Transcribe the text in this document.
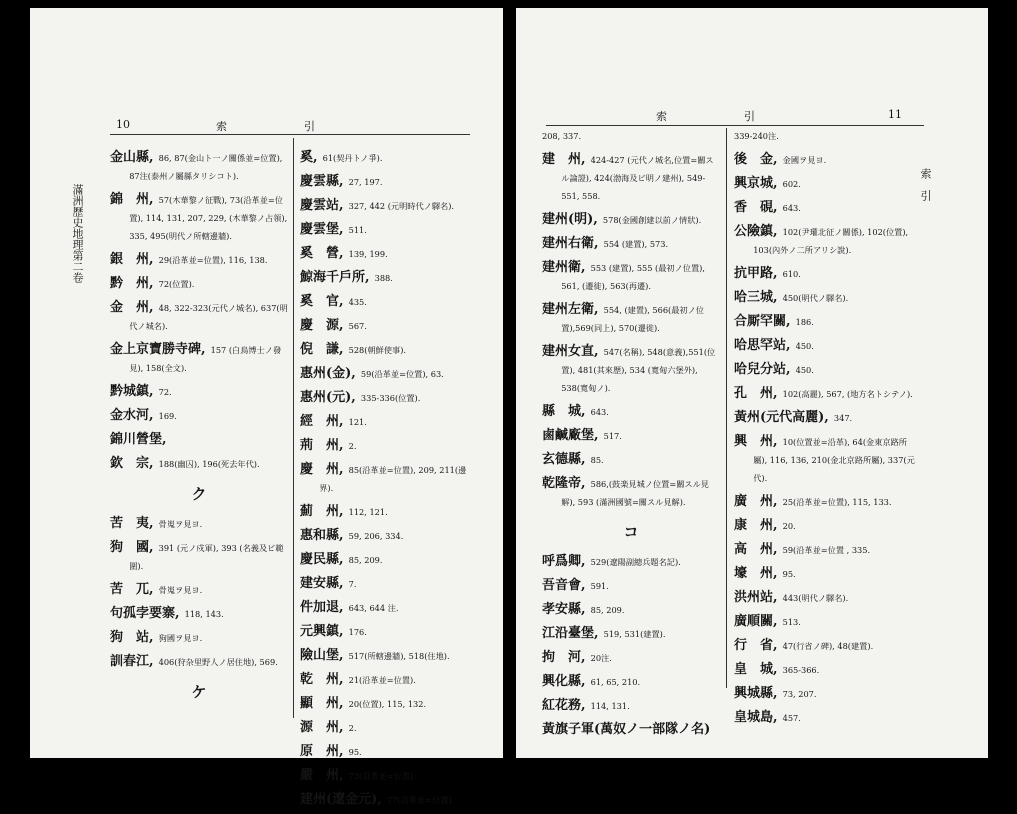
10	索　　　　　　　引
滿洲歷史地理第二卷

金山縣, 86, 87(金山ト一ノ關係並=位置), 87注(泰州ノ屬縣タリシコト).

錦　州, 57(木華黎ノ征戰), 73(沿革並=位置), 114, 131, 207, 229, (木華黎ノ占領), 335, 495(明代ノ所轄邊牆).

銀　州, 29(沿革並=位置), 116, 138.

黔　州, 72(位置).

金　州, 48, 322-323(元代ノ城名), 637(明代ノ城名).

金上京寶勝寺碑, 157 (白鳥博士ノ發見), 158(全文).

黔城鎮, 72.

金水河, 169.

錦川營堡,

欽　宗, 188(幽囚), 196(死去年代).

ク

苦　夷, 骨嵬ヲ見ヨ.

狗　國, 391 (元ノ戍軍), 393 (名義及ビ範圍).

苦　兀, 骨嵬ヲ見ヨ.

句孤孛要寨, 118, 143.

狗　站, 狗國ヲ見ヨ.

訓春江, 406(狩杂里野人ノ居住地), 569.

ケ

奚, 61(契丹トノ爭).

慶雲縣, 27, 197.

慶雲站, 327, 442 (元明時代ノ驛名).

慶雲堡, 511.

奚　營, 139, 199.

鯨海千戶所, 388.

奚　官, 435.

慶　源, 567.

倪　謙, 528(朝鮮使事).

惠州(金), 59(沿革並=位置), 63.

惠州(元), 335-336(位置).

經　州, 121.

荊　州, 2.

慶　州, 85(沿革並=位置), 209, 211(邊界).

薊　州, 112, 121.

惠和縣, 59, 206, 334.

慶民縣, 85, 209.

建安縣, 7.

件加退, 643, 644 注.

元興鎮, 176.

險山堡, 517(所轄邊牆), 518(住地).

乾　州, 21(沿革並=位置).

顯　州, 20(位置), 115, 132.

源　州, 2.

原　州, 95.

嚴　州, 73(沿革並=位置).

建州(遼金元), 77(沿革並=位置).

索　　　　　　　引	11
索　引

208, 337.

建　州, 424-427 (元代ノ城名,位置=關スル論證), 424(渤海及ビ明ノ建州), 549-551, 558.

建州(明), 578(金國創建以前ノ情狀).

建州右衛, 554 (建置), 573.

建州衛, 553 (建置), 555 (最初ノ位置), 561, (遷徙), 563(再遷).

建州左衛, 554, (建置), 566(最初ノ位置),569(同上), 570(遷徙).

建州女直, 547(名稱), 548(意義),551(位置), 481(其來歷), 534 (寬甸六堡外), 538(寬甸ノ).

縣　城, 643.

鹵鹹廠堡, 517.

玄德縣, 85.

乾隆帝, 586,(鼓楽見城ノ位置=關スル見解), 593 (滿洲國號=關スル見解).

コ

呼爲卿, 529(遼陽副總兵題名記).

吾音會, 591.

孝安縣, 85, 209.

江沿臺堡, 519, 531(建置).

拘　河, 20注.

興化縣, 61, 65, 210.

紅花務, 114, 131.

黃旗子軍(萬奴ノ一部隊ノ名)

339-240注.

後　金, 金國ヲ見ヨ.

興京城, 602.

香　硯, 643.

公險鎮, 102(尹瓘北征ノ關係), 102(位置), 103(內外ノ二所アリシ說).

抗甲路, 610.

哈三城, 450(明代ノ驛名).

合厮罕關, 186.

哈思罕站, 450.

哈兒分站, 450.

孔　州, 102(高麗), 567, (地方名トシテノ).

黃州(元代高麗), 347.

興　州, 10(位置並=沿革), 64(金東京路所屬), 116, 136, 210(金北京路所屬), 337(元代).

廣　州, 25(沿革並=位置), 115, 133.

康　州, 20.

高　州, 59(沿革並=位置 , 335.

壕　州, 95.

洪州站, 443(明代ノ驛名).

廣順關, 513.

行　省, 47(行省ノ碑), 48(建置).

皇　城, 365-366.

興城縣, 73, 207.

皇城島, 457.
